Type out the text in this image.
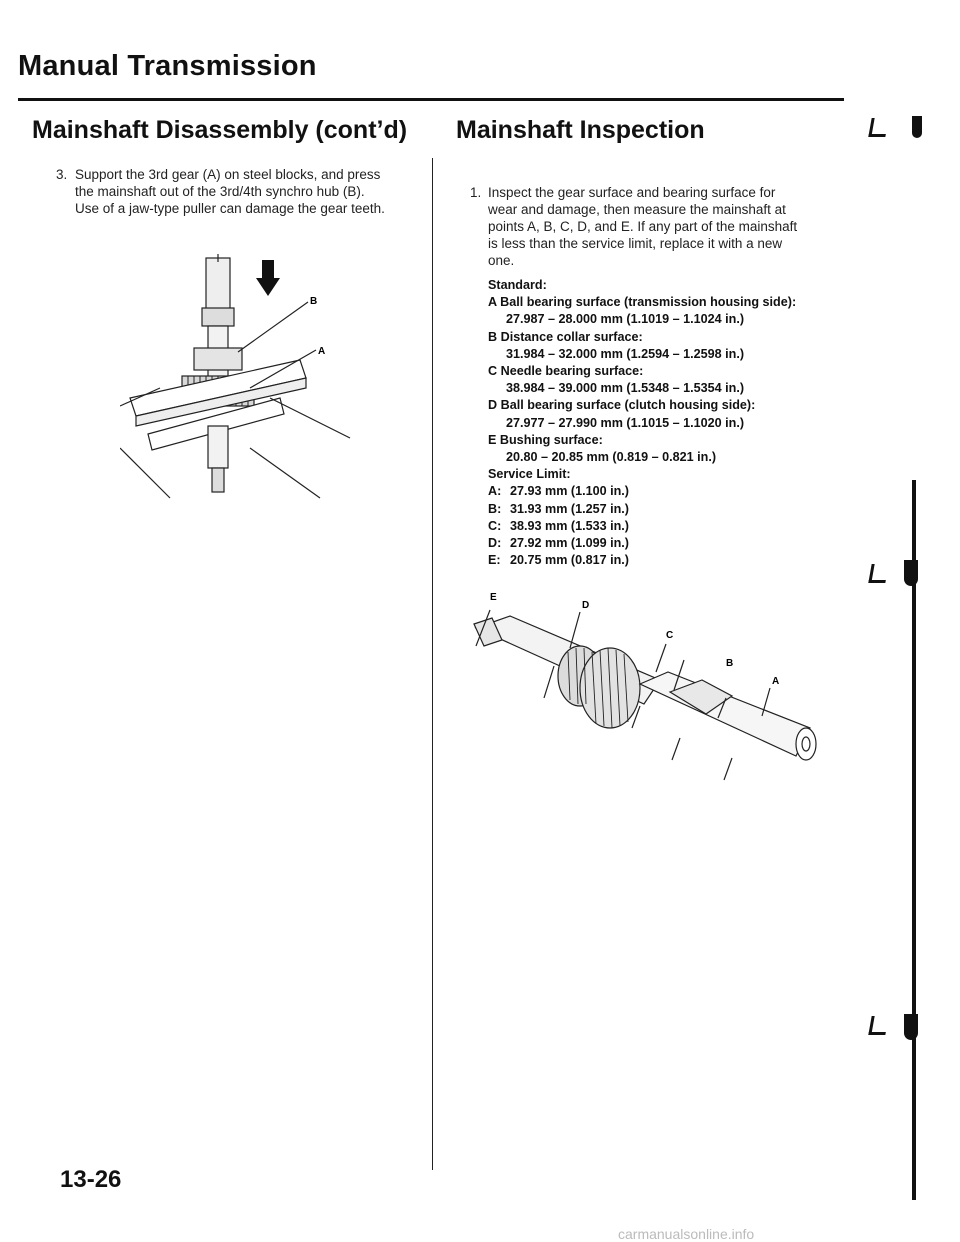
Manual Transmission
Mainshaft Disassembly (cont’d)
3. Support the 3rd gear (A) on steel blocks, and press
the mainshaft out of the 3rd/4th synchro hub (B).
Use of a jaw-type puller can damage the gear teeth.
B
A
Mainshaft Inspection
1. Inspect the gear surface and bearing surface for
wear and damage, then measure the mainshaft at
points A, B, C, D, and E. If any part of the mainshaft
is less than the service limit, replace it with a new
one.
Standard:
A Ball bearing surface (transmission housing side):
27.987 – 28.000 mm (1.1019 – 1.1024 in.)
B Distance collar surface:
31.984 – 32.000 mm (1.2594 – 1.2598 in.)
C Needle bearing surface:
38.984 – 39.000 mm (1.5348 – 1.5354 in.)
D Ball bearing surface (clutch housing side):
27.977 – 27.990 mm (1.1015 – 1.1020 in.)
E Bushing surface:
20.80 – 20.85 mm (0.819 – 0.821 in.)
Service Limit:
A: 27.93 mm (1.100 in.)
B: 31.93 mm (1.257 in.)
C: 38.93 mm (1.533 in.)
D: 27.92 mm (1.099 in.)
E: 20.75 mm (0.817 in.)
E
D
C
B
A
13-26
carmanualsonline.info
